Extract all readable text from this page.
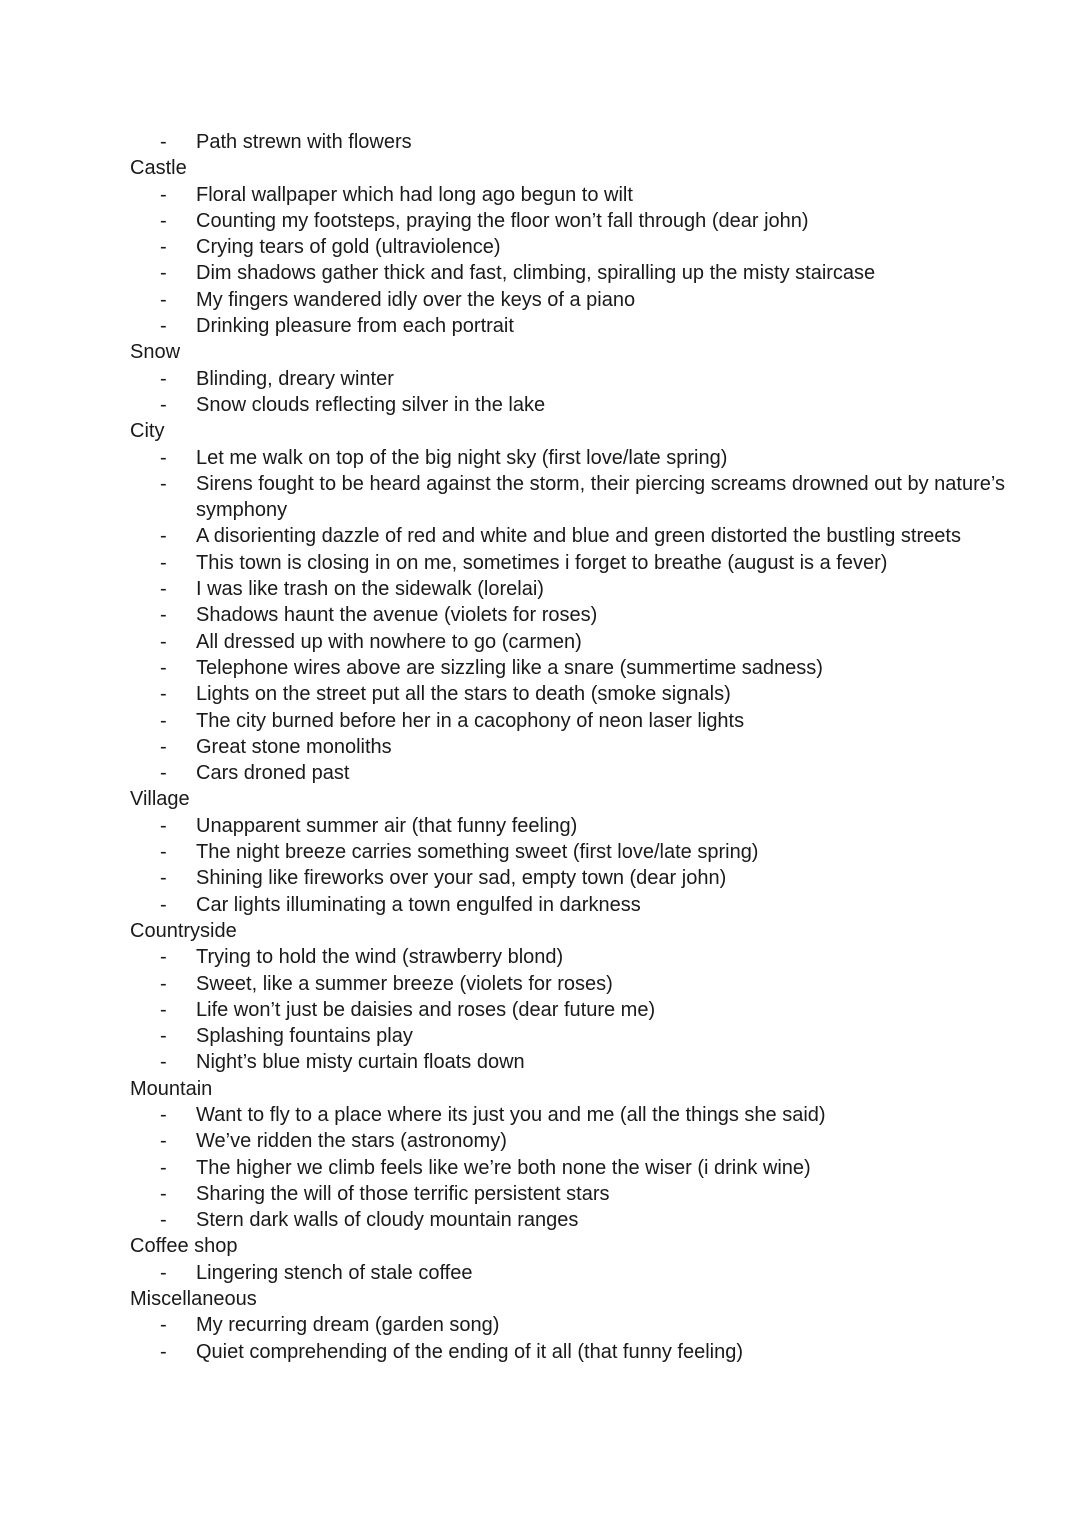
- Path strewn with flowers
Castle
- Floral wallpaper which had long ago begun to wilt
- Counting my footsteps, praying the floor won’t fall through (dear john)
- Crying tears of gold (ultraviolence)
- Dim shadows gather thick and fast, climbing, spiralling up the misty staircase
- My fingers wandered idly over the keys of a piano
- Drinking pleasure from each portrait
Snow
- Blinding, dreary winter
- Snow clouds reflecting silver in the lake
City
- Let me walk on top of the big night sky (first love/late spring)
- Sirens fought to be heard against the storm, their piercing screams drowned out by nature’s symphony
- A disorienting dazzle of red and white and blue and green distorted the bustling streets
- This town is closing in on me, sometimes i forget to breathe (august is a fever)
- I was like trash on the sidewalk (lorelai)
- Shadows haunt the avenue (violets for roses)
- All dressed up with nowhere to go (carmen)
- Telephone wires above are sizzling like a snare (summertime sadness)
- Lights on the street put all the stars to death (smoke signals)
- The city burned before her in a cacophony of neon laser lights
- Great stone monoliths
- Cars droned past
Village
- Unapparent summer air (that funny feeling)
- The night breeze carries something sweet (first love/late spring)
- Shining like fireworks over your sad, empty town (dear john)
- Car lights illuminating a town engulfed in darkness
Countryside
- Trying to hold the wind (strawberry blond)
- Sweet, like a summer breeze (violets for roses)
- Life won’t just be daisies and roses (dear future me)
- Splashing fountains play
- Night’s blue misty curtain floats down
Mountain
- Want to fly to a place where its just you and me (all the things she said)
- We’ve ridden the stars (astronomy)
- The higher we climb feels like we’re both none the wiser (i drink wine)
- Sharing the will of those terrific persistent stars
- Stern dark walls of cloudy mountain ranges
Coffee shop
- Lingering stench of stale coffee
Miscellaneous
- My recurring dream (garden song)
- Quiet comprehending of the ending of it all (that funny feeling)
